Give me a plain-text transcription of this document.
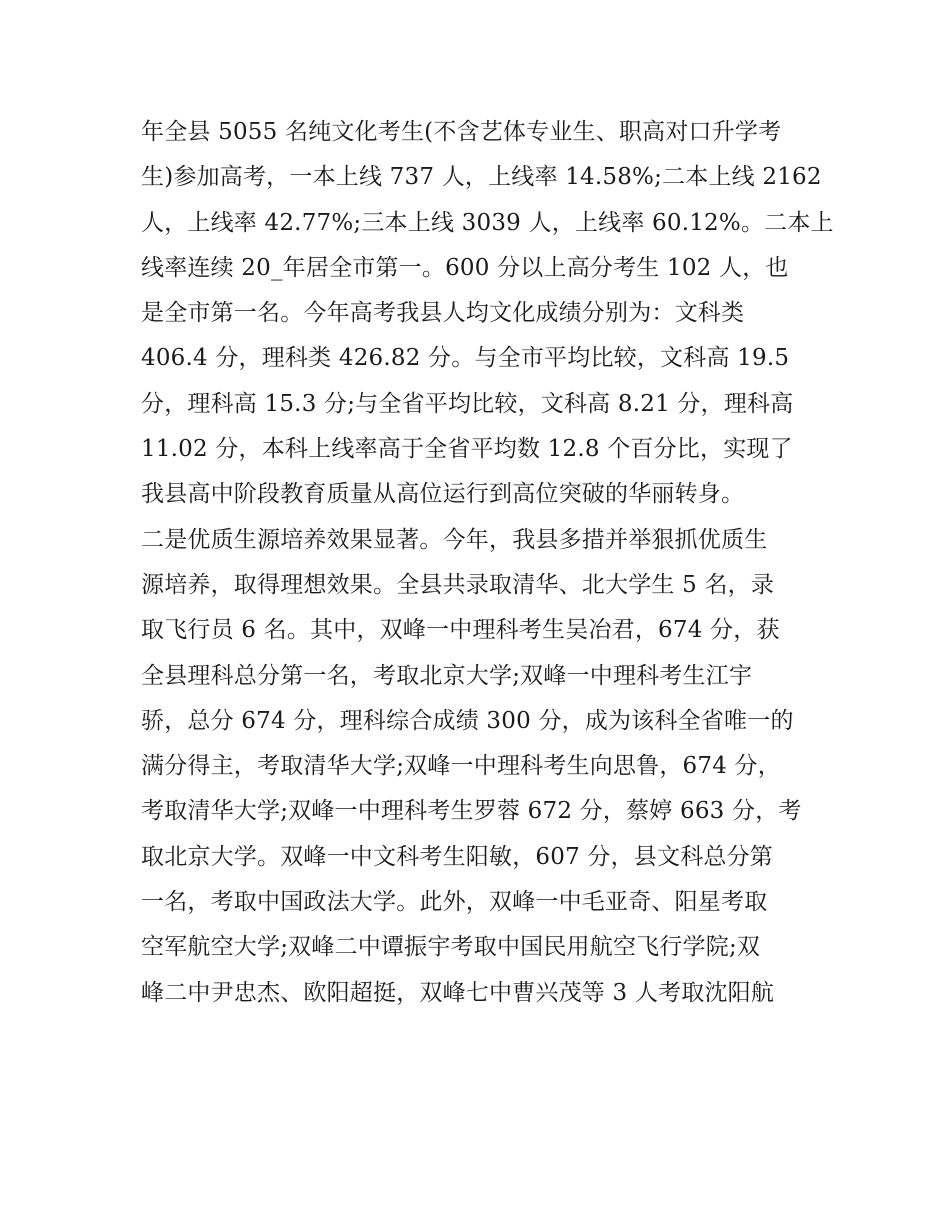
年全县 5055 名纯文化考生(不含艺体专业生、职高对口升学考
生)参加高考，一本上线 737 人，上线率 14.58%;二本上线 2162
人，上线率 42.77%;三本上线 3039 人，上线率 60.12%。二本上
线率连续 20_年居全市第一。600 分以上高分考生 102 人，也
是全市第一名。今年高考我县人均文化成绩分别为：文科类
406.4 分，理科类 426.82 分。与全市平均比较，文科高 19.5
分，理科高 15.3 分;与全省平均比较，文科高 8.21 分，理科高
11.02 分，本科上线率高于全省平均数 12.8 个百分比，实现了
我县高中阶段教育质量从高位运行到高位突破的华丽转身。
二是优质生源培养效果显著。今年，我县多措并举狠抓优质生
源培养，取得理想效果。全县共录取清华、北大学生 5 名，录
取飞行员 6 名。其中，双峰一中理科考生吴冶君，674 分，获
全县理科总分第一名，考取北京大学;双峰一中理科考生江宇
骄，总分 674 分，理科综合成绩 300 分，成为该科全省唯一的
满分得主，考取清华大学;双峰一中理科考生向思鲁，674 分，
考取清华大学;双峰一中理科考生罗蓉 672 分，蔡婷 663 分，考
取北京大学。双峰一中文科考生阳敏，607 分，县文科总分第
一名，考取中国政法大学。此外，双峰一中毛亚奇、阳星考取
空军航空大学;双峰二中谭振宇考取中国民用航空飞行学院;双
峰二中尹忠杰、欧阳超挺，双峰七中曹兴茂等 3 人考取沈阳航
